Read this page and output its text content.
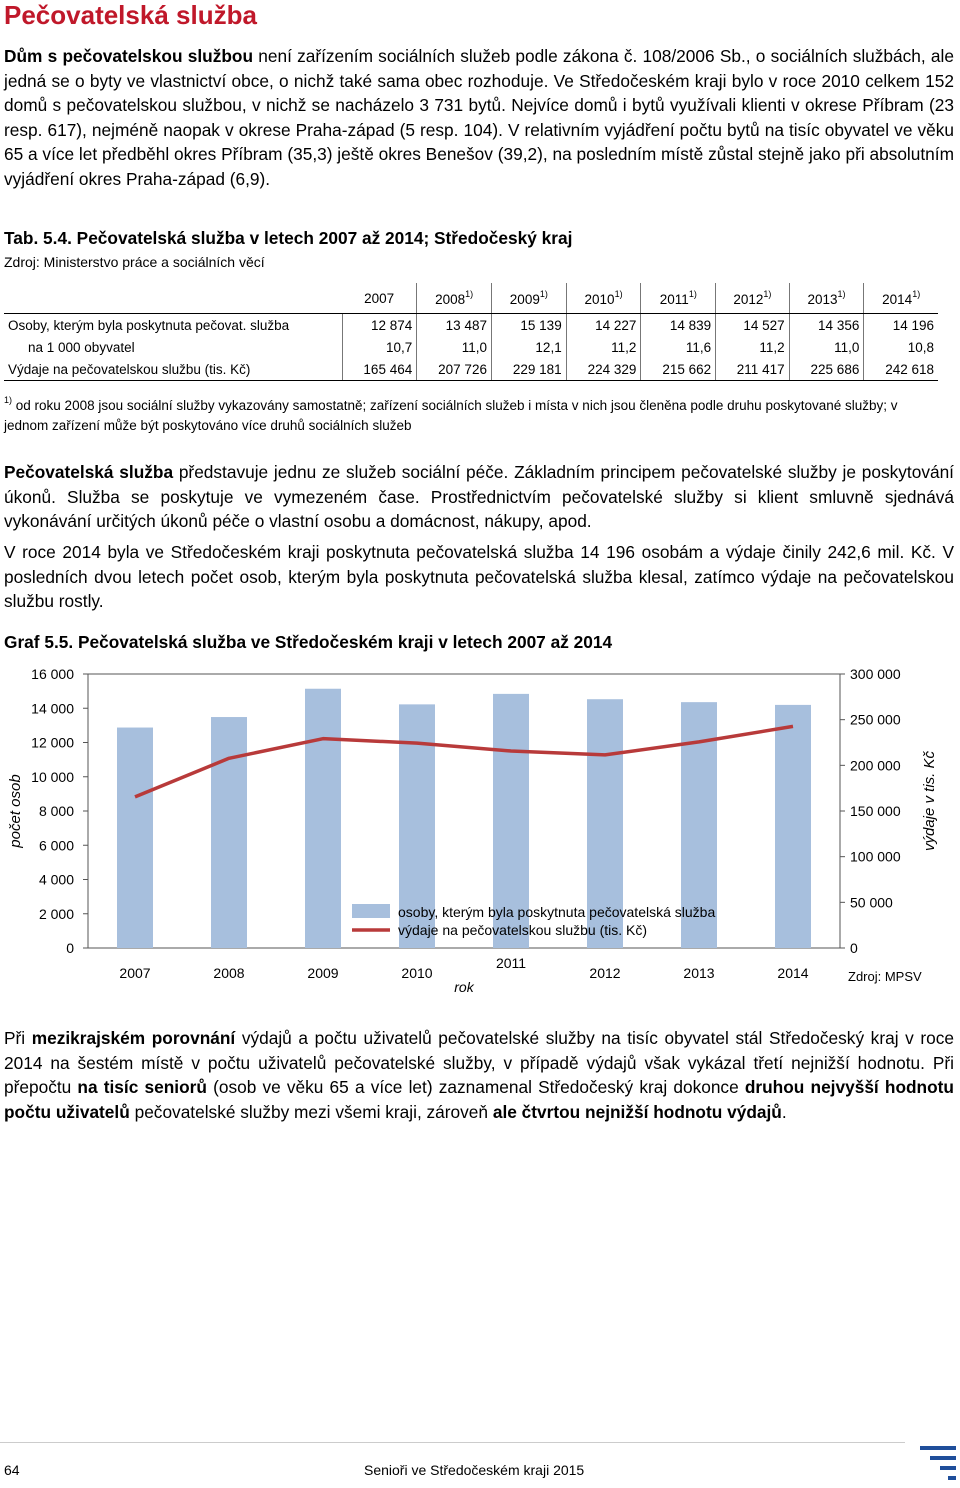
Pečovatelská služba

Dům s pečovatelskou službou není zařízením sociálních služeb podle zákona č. 108/2006 Sb., o sociálních službách, ale jedná se o byty ve vlastnictví obce, o nichž také sama obec rozhoduje. Ve Středočeském kraji bylo v roce 2010 celkem 152 domů s pečovatelskou službou, v nichž se nacházelo 3 731 bytů. Nejvíce domů i bytů využívali klienti v okrese Příbram (23 resp. 617), nejméně naopak v okrese Praha-západ (5 resp. 104). V relativním vyjádření počtu bytů na tisíc obyvatel ve věku 65 a více let předběhl okres Příbram (35,3) ještě okres Benešov (39,2), na posledním místě zůstal stejně jako při absolutním vyjádření okres Praha-západ (6,9).

Tab. 5.4. Pečovatelská služba v letech 2007 až 2014; Středočeský kraj
Zdroj: Ministerstvo práce a sociálních věcí
	2007	2008$^{1)}$	2009$^{1)}$	2010$^{1)}$	2011$^{1)}$	2012$^{1)}$	2013$^{1)}$	2014$^{1)}$
Osoby, kterým byla poskytnuta pečovat. služba	12 874	13 487	15 139	14 227	14 839	14 527	14 356	14 196
na 1 000 obyvatel	10,7	11,0	12,1	11,2	11,6	11,2	11,0	10,8
Výdaje na pečovatelskou službu (tis. Kč)	165 464	207 726	229 181	224 329	215 662	211 417	225 686	242 618
$^{1)}$ od roku 2008 jsou sociální služby vykazovány samostatně; zařízení sociálních služeb i místa v nich jsou členěna podle druhu poskytované služby; v jednom zařízení může být poskytováno více druhů sociálních služeb

Pečovatelská služba představuje jednu ze služeb sociální péče. Základním principem pečovatelské služby je poskytování úkonů. Služba se poskytuje ve vymezeném čase. Prostřednictvím pečovatelské služby si klient smluvně sjednává vykonávání určitých úkonů péče o vlastní osobu a domácnost, nákupy, apod.

V roce 2014 byla ve Středočeském kraji poskytnuta pečovatelská služba 14 196 osobám a výdaje činily 242,6 mil. Kč. V posledních dvou letech počet osob, kterým byla poskytnuta pečovatelská služba klesal, zatímco výdaje na pečovatelskou službu rostly.

Graf 5.5. Pečovatelská služba ve Středočeském kraji v letech 2007 až 2014
0
2 000
4 000
6 000
8 000
10 000
12 000
14 000
16 000
0
50 000
100 000
150 000
200 000
250 000
300 000
2007	2008	2009	2010
2011
2012	2013	2014
rok
počet osob	výdaje v tis. Kč
osoby, kterým byla poskytnuta pečovatelská služba
výdaje na pečovatelskou službu (tis. Kč)
Zdroj: MPSV

Při mezikrajském porovnání výdajů a počtu uživatelů pečovatelské služby na tisíc obyvatel stál Středočeský kraj v roce 2014 na šestém místě v počtu uživatelů pečovatelské služby, v případě výdajů však vykázal třetí nejnižší hodnotu. Při přepočtu na tisíc seniorů (osob ve věku 65 a více let) zaznamenal Středočeský kraj dokonce druhou nejvyšší hodnotu počtu uživatelů pečovatelské služby mezi všemi kraji, zároveň ale čtvrtou nejnižší hodnotu výdajů.

64	Senioři ve Středočeském kraji 2015
